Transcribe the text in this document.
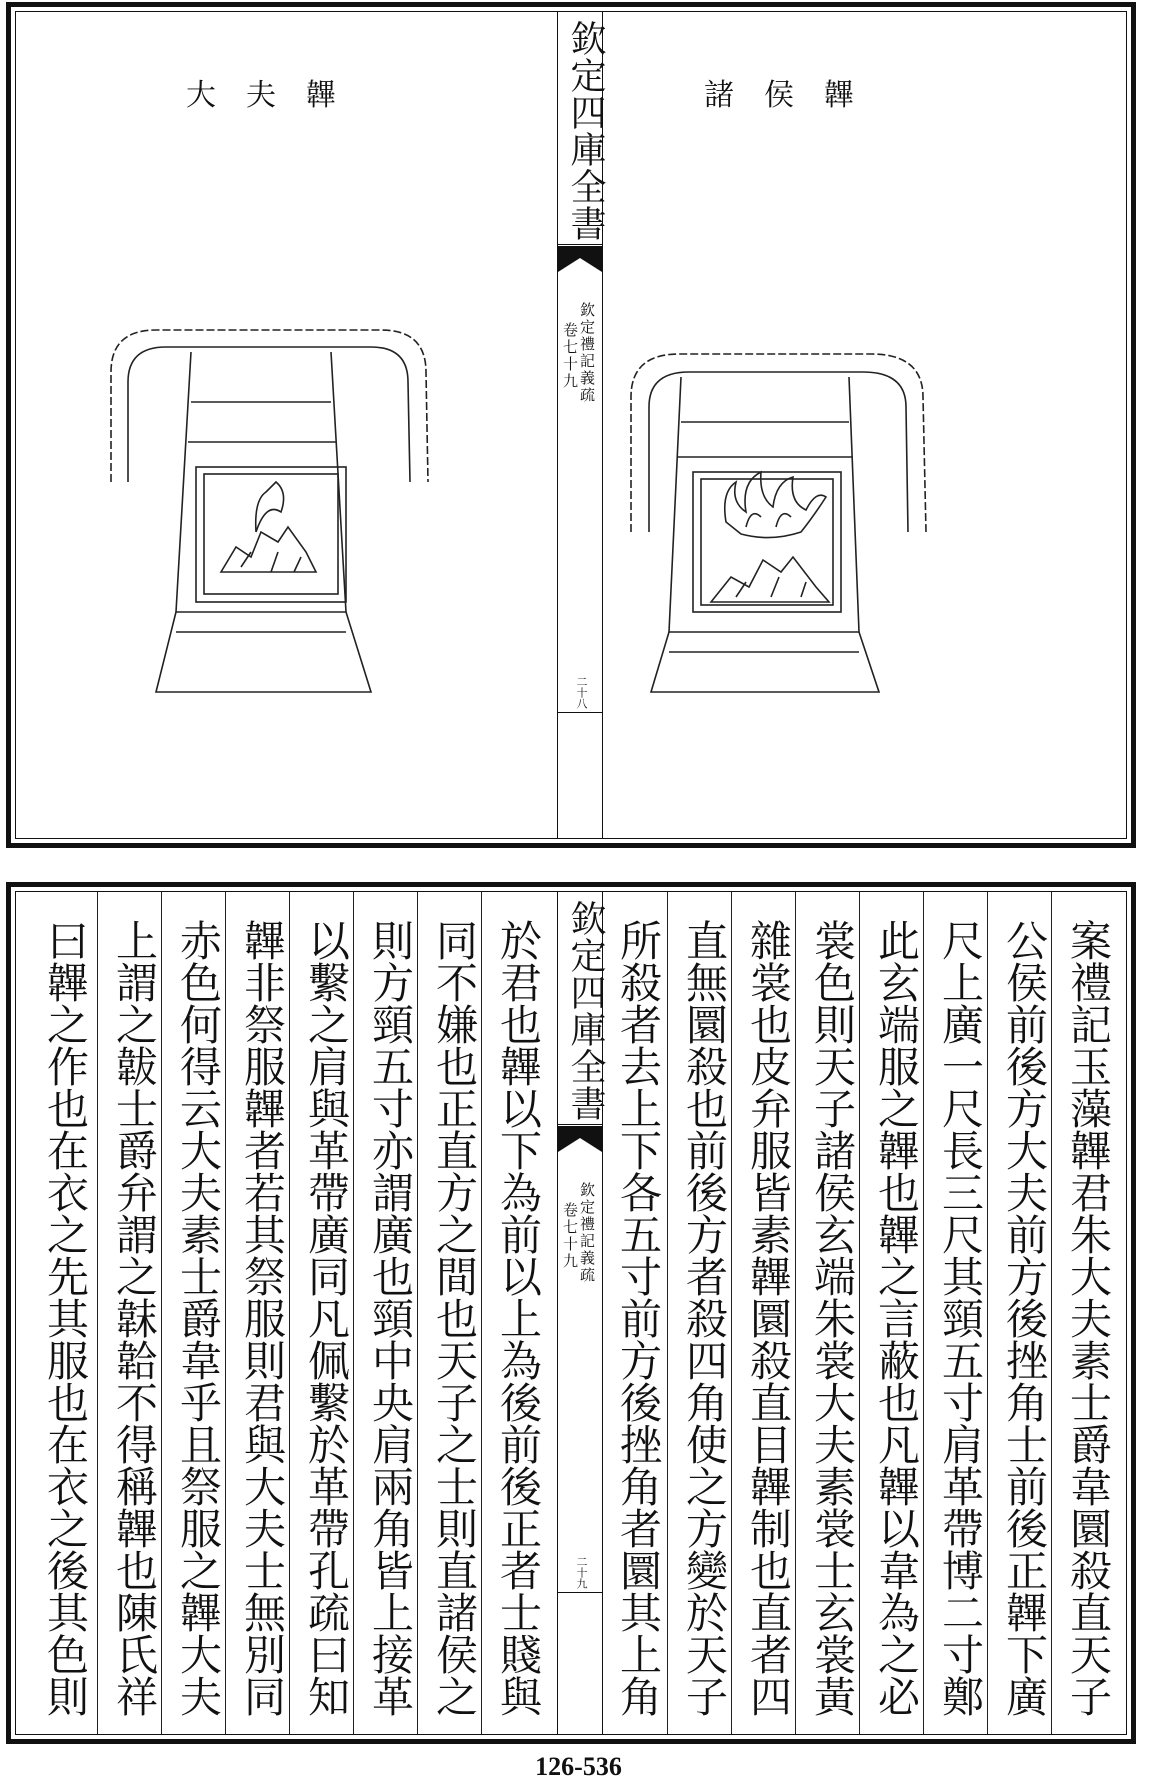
大夫韠	諸侯韠
欽定四庫全書
欽定禮記義疏
卷七十九
二十八
案禮記玉藻韠君朱大夫素士爵韋圜殺直天子
公侯前後方大夫前方後挫角士前後正韠下廣
尺上廣一尺長三尺其頸五寸肩革帶博二寸鄭
此玄端服之韠也韠之言蔽也凡韠以韋為之必
裳色則天子諸侯玄端朱裳大夫素裳士玄裳黃
雜裳也皮弁服皆素韠圜殺直目韠制也直者四
直無圜殺也前後方者殺四角使之方變於天子
所殺者去上下各五寸前方後挫角者圜其上角
於君也韠以下為前以上為後前後正者士賤與
同不嫌也正直方之間也天子之士則直諸侯之
則方頸五寸亦謂廣也頸中央肩兩角皆上接革
以繫之肩與革帶廣同凡佩繫於革帶孔疏曰知
韠非祭服韠者若其祭服則君與大夫士無別同
赤色何得云大夫素士爵韋乎且祭服之韠大夫
上謂之韍士爵弁謂之韎韐不得稱韠也陳氏祥
曰韠之作也在衣之先其服也在衣之後其色則
欽定四庫全書
欽定禮記義疏
卷七十九
二十九
126-536
